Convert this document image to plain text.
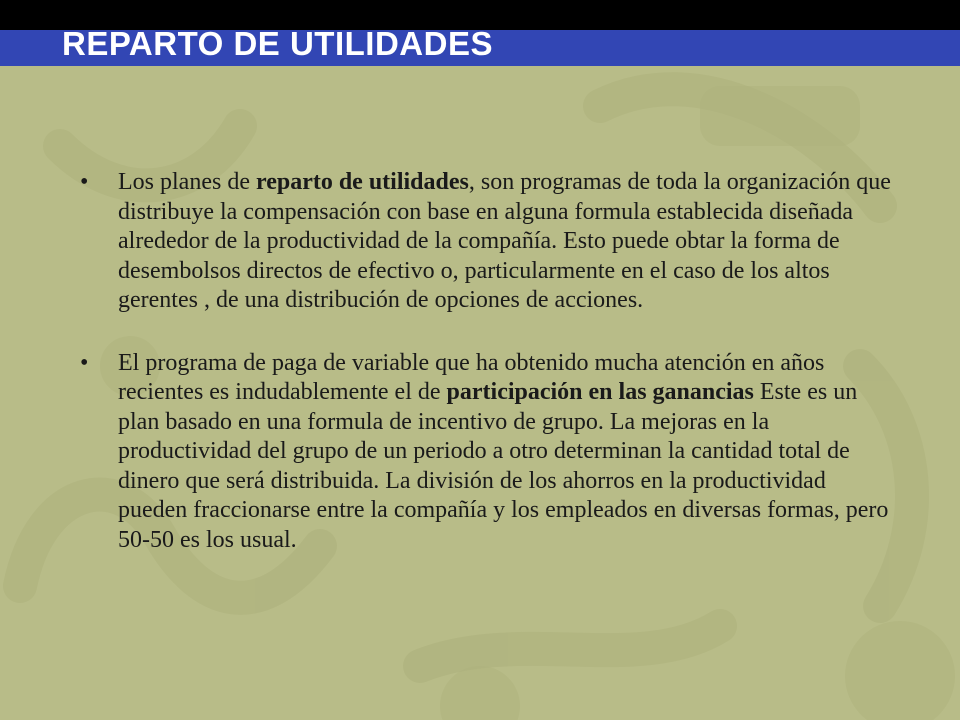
REPARTO DE UTILIDADES
• Los planes de reparto de utilidades, son programas de toda la organización que distribuye la compensación con base en alguna formula establecida diseñada alrededor de la productividad de la compañía. Esto puede obtar la forma de desembolsos directos de efectivo o, particularmente en el caso de los altos gerentes , de una distribución de opciones de acciones.
• El programa de paga de variable que ha obtenido mucha atención en años recientes es indudablemente el de participación en las ganancias Este es un plan basado en una formula de incentivo de grupo. La mejoras en la productividad del grupo de un periodo a otro determinan la cantidad total de dinero que será distribuida. La división de los ahorros en la productividad pueden fraccionarse entre la compañía y los empleados en diversas formas, pero 50-50 es los usual.
